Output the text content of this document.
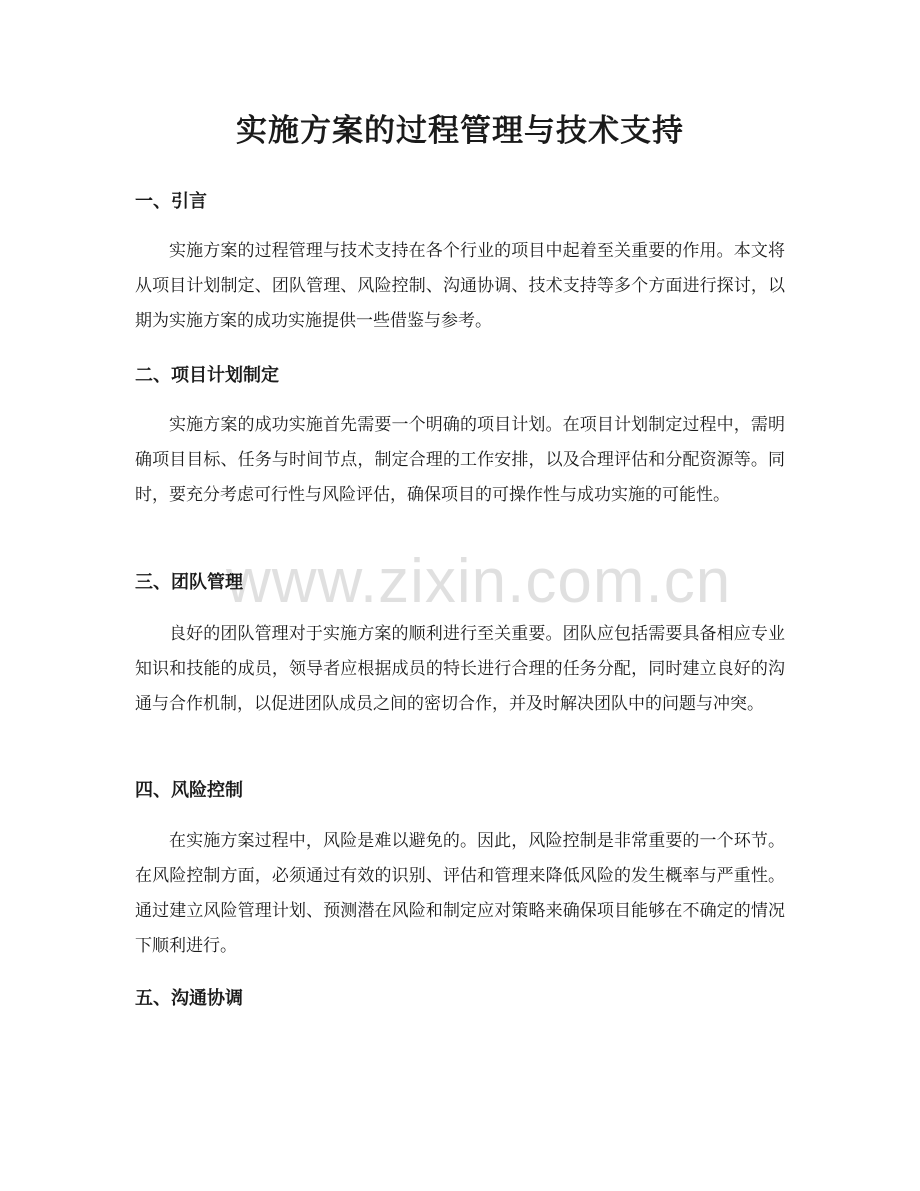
实施方案的过程管理与技术支持
一、引言

实施方案的过程管理与技术支持在各个行业的项目中起着至关重要的作用。本文将从项目计划制定、团队管理、风险控制、沟通协调、技术支持等多个方面进行探讨，以期为实施方案的成功实施提供一些借鉴与参考。

二、项目计划制定

实施方案的成功实施首先需要一个明确的项目计划。在项目计划制定过程中，需明确项目目标、任务与时间节点，制定合理的工作安排，以及合理评估和分配资源等。同时，要充分考虑可行性与风险评估，确保项目的可操作性与成功实施的可能性。

三、团队管理

良好的团队管理对于实施方案的顺利进行至关重要。团队应包括需要具备相应专业知识和技能的成员，领导者应根据成员的特长进行合理的任务分配，同时建立良好的沟通与合作机制，以促进团队成员之间的密切合作，并及时解决团队中的问题与冲突。

四、风险控制

在实施方案过程中，风险是难以避免的。因此，风险控制是非常重要的一个环节。在风险控制方面，必须通过有效的识别、评估和管理来降低风险的发生概率与严重性。通过建立风险管理计划、预测潜在风险和制定应对策略来确保项目能够在不确定的情况下顺利进行。

五、沟通协调
www.zixin.com.cn
